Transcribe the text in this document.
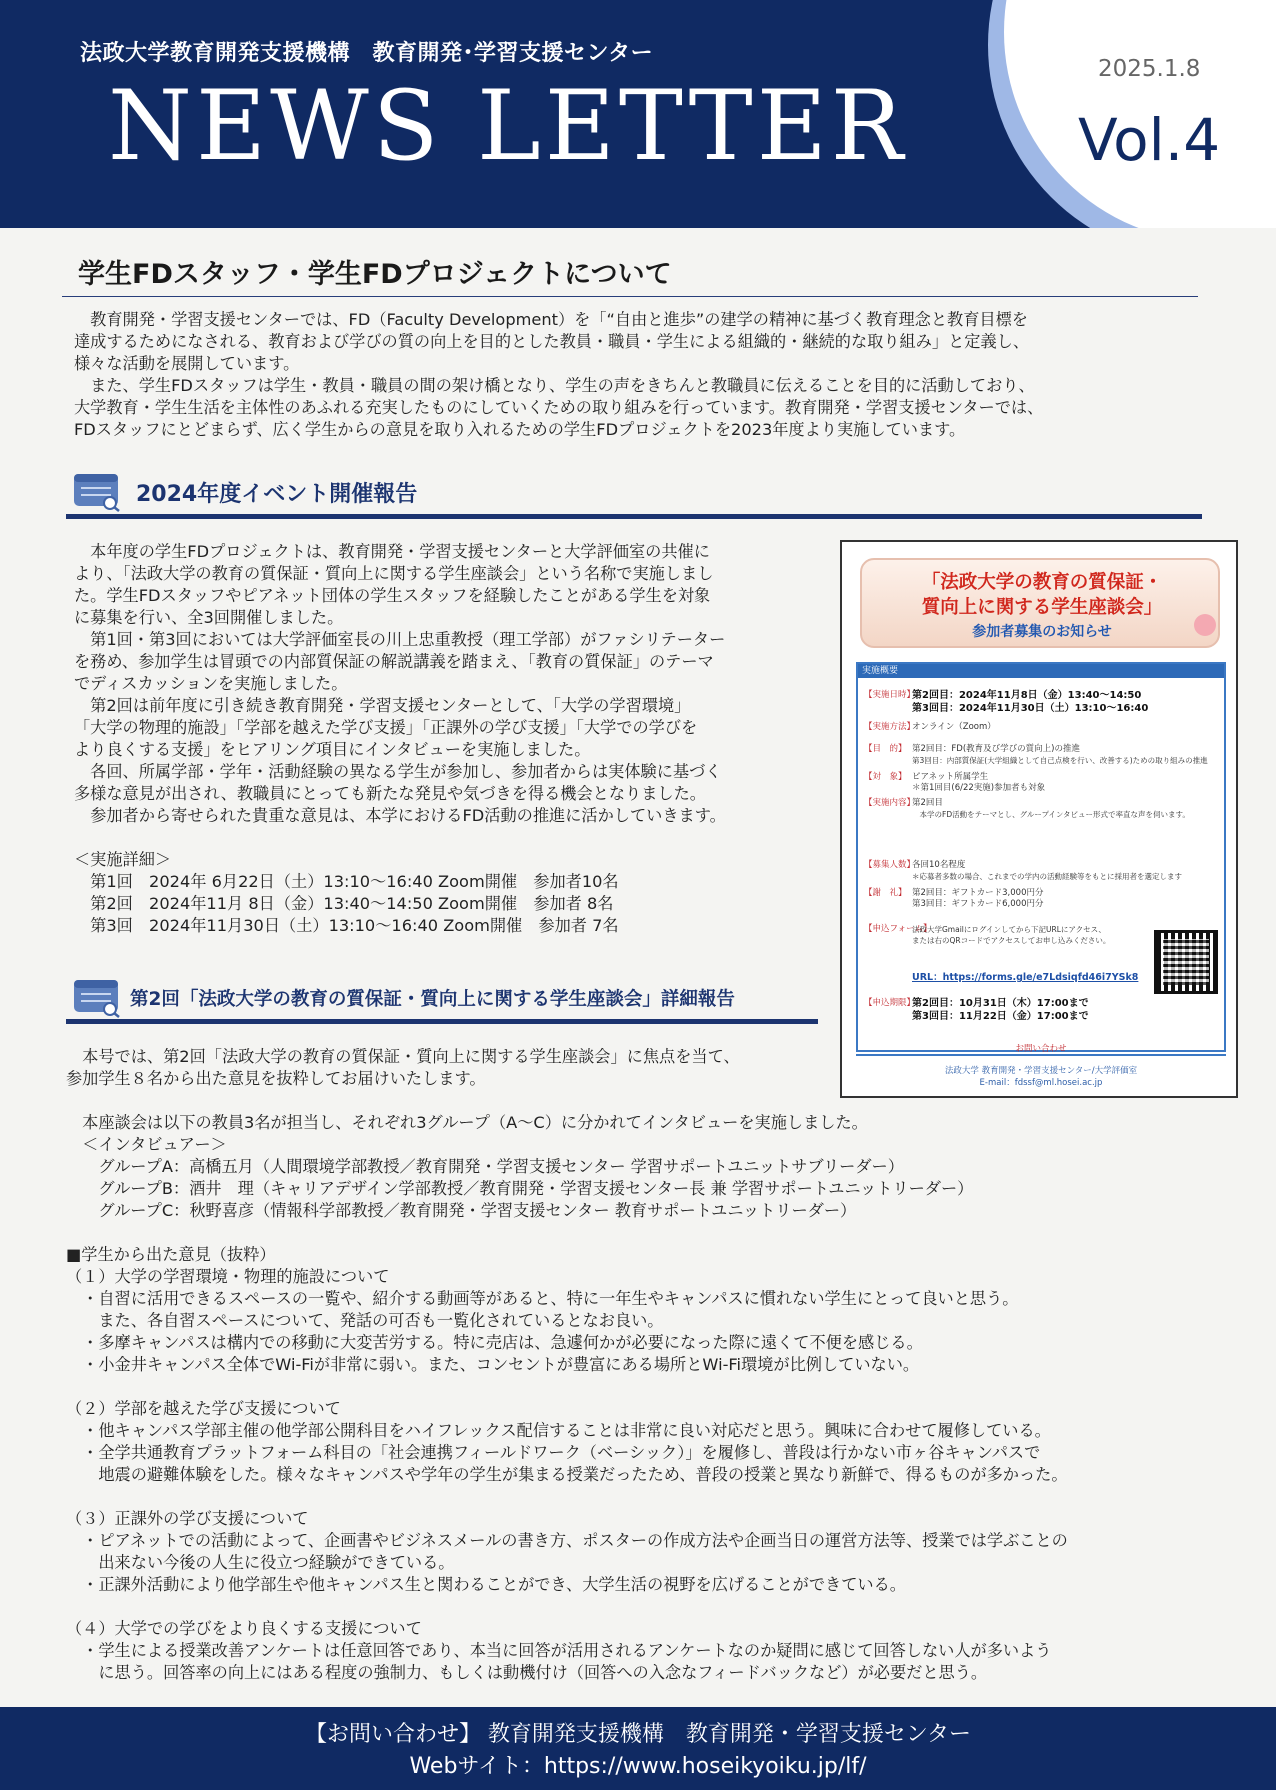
法政大学教育開発支援機構　教育開発･学習支援センター
NEWS LETTER
2025.1.8
Vol.4
学生FDスタッフ・学生FDプロジェクトについて

　教育開発・学習支援センターでは、FD（Faculty Development）を「“自由と進歩”の建学の精神に基づく教育理念と教育目標を

達成するためになされる、教育および学びの質の向上を目的とした教員・職員・学生による組織的・継続的な取り組み」と定義し、

様々な活動を展開しています。

　また、学生FDスタッフは学生・教員・職員の間の架け橋となり、学生の声をきちんと教職員に伝えることを目的に活動しており、

大学教育・学生生活を主体性のあふれる充実したものにしていくための取り組みを行っています。教育開発・学習支援センターでは、

FDスタッフにとどまらず、広く学生からの意見を取り入れるための学生FDプロジェクトを2023年度より実施しています。

2024年度イベント開催報告

　本年度の学生FDプロジェクトは、教育開発・学習支援センターと大学評価室の共催に

より、「法政大学の教育の質保証・質向上に関する学生座談会」という名称で実施しまし

た。学生FDスタッフやピアネット団体の学生スタッフを経験したことがある学生を対象

に募集を行い、全3回開催しました。

　第1回・第3回においては大学評価室長の川上忠重教授（理工学部）がファシリテーター

を務め、参加学生は冒頭での内部質保証の解説講義を踏まえ、「教育の質保証」のテーマ

でディスカッションを実施しました。

　第2回は前年度に引き続き教育開発・学習支援センターとして、「大学の学習環境」

「大学の物理的施設」「学部を越えた学び支援」「正課外の学び支援」「大学での学びを

より良くする支援」をヒアリング項目にインタビューを実施しました。

　各回、所属学部・学年・活動経験の異なる学生が参加し、参加者からは実体験に基づく

多様な意見が出され、教職員にとっても新たな発見や気づきを得る機会となりました。

　参加者から寄せられた貴重な意見は、本学におけるFD活動の推進に活かしていきます。

＜実施詳細＞

　第1回　2024年 6月22日（土）13:10～16:40 Zoom開催　参加者10名

　第2回　2024年11月 8日（金）13:40～14:50 Zoom開催　参加者 8名

　第3回　2024年11月30日（土）13:10～16:40 Zoom開催　参加者 7名

「法政大学の教育の質保証・
質向上に関する学生座談会」
参加者募集のお知らせ
実施概要
【実施日時】
第2回目：2024年11月8日（金）13:40～14:50
第3回目：2024年11月30日（土）13:10～16:40
【実施方法】
オンライン（Zoom）
【目　的】 第2回目：FD(教育及び学びの質向上)の推進
第3回目：内部質保証(大学組織として自己点検を行い、改善する)ための取り組みの推進
【対　象】 ピアネット所属学生
＊第1回目(6/22実施)参加者も対象
【実施内容】
第2回目
　本学のFD活動をテーマとし、グループインタビュー形式で率直な声を伺います。
【募集人数】
各回10名程度
＊応募者多数の場合、これまでの学内の活動経験等をもとに採用者を選定します
【謝　礼】 第2回目：ギフトカード3,000円分
第3回目：ギフトカード6,000円分
【申込フォーム】
法政大学Gmailにログインしてから下記URLにアクセス、
または右のQRコードでアクセスしてお申し込みください。
URL：https://forms.gle/e7Ldsiqfd46i7YSk8
【申込期限】
第2回目：10月31日（木）17:00まで
第3回目：11月22日（金）17:00まで
お問い合わせ
法政大学 教育開発・学習支援センター/大学評価室
E-mail：fdssf@ml.hosei.ac.jp
第2回「法政大学の教育の質保証・質向上に関する学生座談会」詳細報告

　本号では、第2回「法政大学の教育の質保証・質向上に関する学生座談会」に焦点を当て、

参加学生８名から出た意見を抜粋してお届けいたします。

　本座談会は以下の教員3名が担当し、それぞれ3グループ（A～C）に分かれてインタビューを実施しました。

　＜インタビュアー＞

　　グループA：高橋五月（人間環境学部教授／教育開発・学習支援センター 学習サポートユニットサブリーダー）

　　グループB：酒井　理（キャリアデザイン学部教授／教育開発・学習支援センター長 兼 学習サポートユニットリーダー）

　　グループC：秋野喜彦（情報科学部教授／教育開発・学習支援センター 教育サポートユニットリーダー）

■学生から出た意見（抜粋）

（１）大学の学習環境・物理的施設について

　・自習に活用できるスペースの一覧や、紹介する動画等があると、特に一年生やキャンパスに慣れない学生にとって良いと思う。

　　また、各自習スペースについて、発話の可否も一覧化されているとなお良い。

　・多摩キャンパスは構内での移動に大変苦労する。特に売店は、急遽何かが必要になった際に遠くて不便を感じる。

　・小金井キャンパス全体でWi-Fiが非常に弱い。また、コンセントが豊富にある場所とWi-Fi環境が比例していない。

（２）学部を越えた学び支援について

　・他キャンパス学部主催の他学部公開科目をハイフレックス配信することは非常に良い対応だと思う。興味に合わせて履修している。

　・全学共通教育プラットフォーム科目の「社会連携フィールドワーク（ベーシック）」を履修し、普段は行かない市ヶ谷キャンパスで

　　地震の避難体験をした。様々なキャンパスや学年の学生が集まる授業だったため、普段の授業と異なり新鮮で、得るものが多かった。

（３）正課外の学び支援について

　・ピアネットでの活動によって、企画書やビジネスメールの書き方、ポスターの作成方法や企画当日の運営方法等、授業では学ぶことの

　　出来ない今後の人生に役立つ経験ができている。

　・正課外活動により他学部生や他キャンパス生と関わることができ、大学生活の視野を広げることができている。

（４）大学での学びをより良くする支援について

　・学生による授業改善アンケートは任意回答であり、本当に回答が活用されるアンケートなのか疑問に感じて回答しない人が多いよう

　　に思う。回答率の向上にはある程度の強制力、もしくは動機付け（回答への入念なフィードバックなど）が必要だと思う。

【お問い合わせ】 教育開発支援機構　教育開発・学習支援センター
Webサイト：https://www.hoseikyoiku.jp/lf/
